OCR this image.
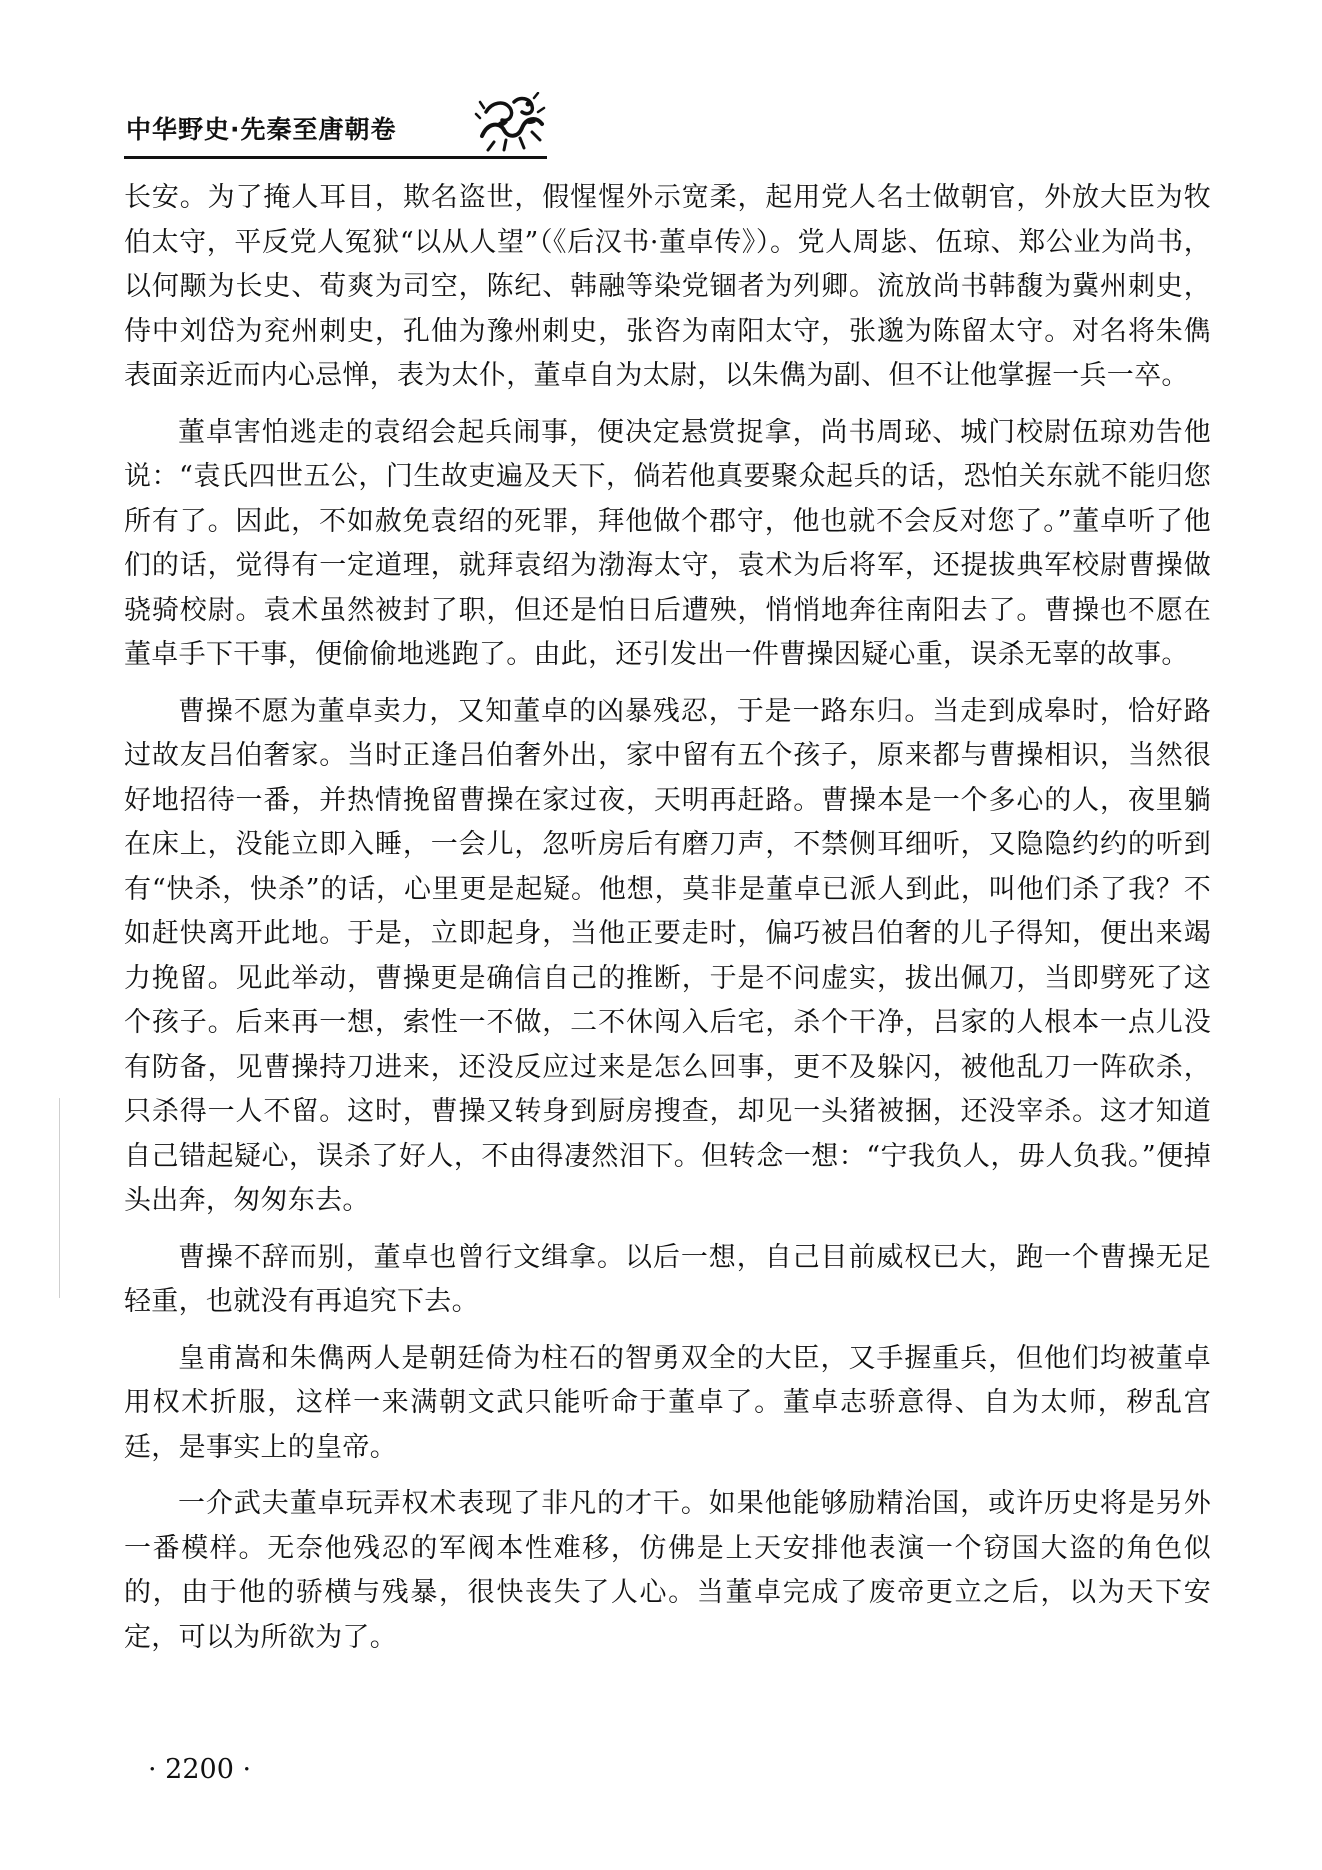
中华野史·先秦至唐朝卷

长安。为了掩人耳目，欺名盗世，假惺惺外示宽柔，起用党人名士做朝官，外放大臣为牧伯太守，平反党人冤狱“以从人望”（《后汉书·董卓传》）。党人周毖、伍琼、郑公业为尚书，以何颙为长史、荀爽为司空，陈纪、韩融等染党锢者为列卿。流放尚书韩馥为冀州刺史，侍中刘岱为兖州刺史，孔伷为豫州刺史，张咨为南阳太守，张邈为陈留太守。对名将朱儁表面亲近而内心忌惮，表为太仆，董卓自为太尉，以朱儁为副、但不让他掌握一兵一卒。

董卓害怕逃走的袁绍会起兵闹事，便决定悬赏捉拿，尚书周珌、城门校尉伍琼劝告他说：“袁氏四世五公，门生故吏遍及天下，倘若他真要聚众起兵的话，恐怕关东就不能归您所有了。因此，不如赦免袁绍的死罪，拜他做个郡守，他也就不会反对您了。”董卓听了他们的话，觉得有一定道理，就拜袁绍为渤海太守，袁术为后将军，还提拔典军校尉曹操做骁骑校尉。袁术虽然被封了职，但还是怕日后遭殃，悄悄地奔往南阳去了。曹操也不愿在董卓手下干事，便偷偷地逃跑了。由此，还引发出一件曹操因疑心重，误杀无辜的故事。

曹操不愿为董卓卖力，又知董卓的凶暴残忍，于是一路东归。当走到成皋时，恰好路过故友吕伯奢家。当时正逢吕伯奢外出，家中留有五个孩子，原来都与曹操相识，当然很好地招待一番，并热情挽留曹操在家过夜，天明再赶路。曹操本是一个多心的人，夜里躺在床上，没能立即入睡，一会儿，忽听房后有磨刀声，不禁侧耳细听，又隐隐约约的听到有“快杀，快杀”的话，心里更是起疑。他想，莫非是董卓已派人到此，叫他们杀了我？不如赶快离开此地。于是，立即起身，当他正要走时，偏巧被吕伯奢的儿子得知，便出来竭力挽留。见此举动，曹操更是确信自己的推断，于是不问虚实，拔出佩刀，当即劈死了这个孩子。后来再一想，索性一不做，二不休闯入后宅，杀个干净，吕家的人根本一点儿没有防备，见曹操持刀进来，还没反应过来是怎么回事，更不及躲闪，被他乱刀一阵砍杀，只杀得一人不留。这时，曹操又转身到厨房搜查，却见一头猪被捆，还没宰杀。这才知道自己错起疑心，误杀了好人，不由得凄然泪下。但转念一想：“宁我负人，毋人负我。”便掉头出奔，匆匆东去。

曹操不辞而别，董卓也曾行文缉拿。以后一想，自己目前威权已大，跑一个曹操无足轻重，也就没有再追究下去。

皇甫嵩和朱儁两人是朝廷倚为柱石的智勇双全的大臣，又手握重兵，但他们均被董卓用权术折服，这样一来满朝文武只能听命于董卓了。董卓志骄意得、自为太师，秽乱宫廷，是事实上的皇帝。

一介武夫董卓玩弄权术表现了非凡的才干。如果他能够励精治国，或许历史将是另外一番模样。无奈他残忍的军阀本性难移，仿佛是上天安排他表演一个窃国大盗的角色似的，由于他的骄横与残暴，很快丧失了人心。当董卓完成了废帝更立之后，以为天下安定，可以为所欲为了。

· 2200 ·
